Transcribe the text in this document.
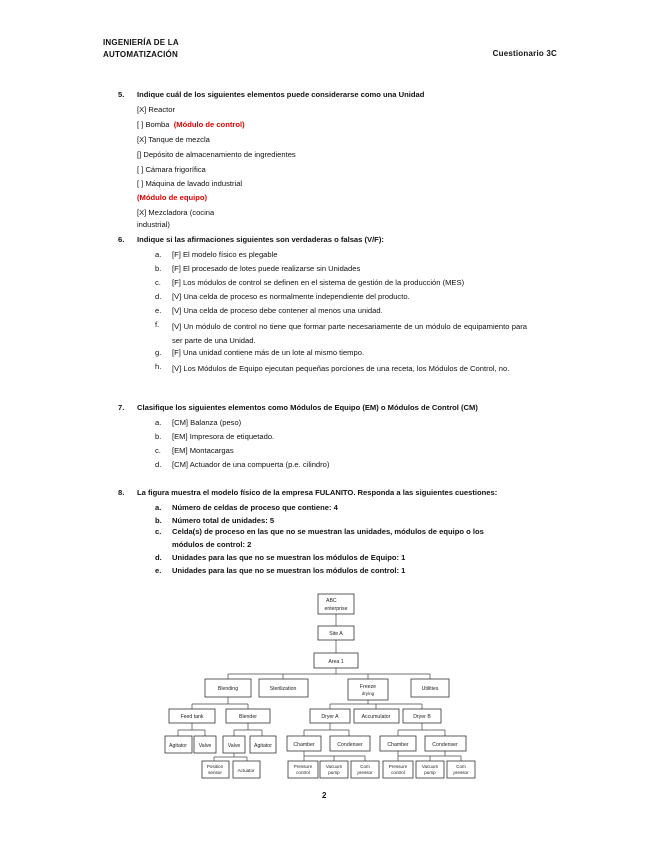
INGENIERÍA DE LA
AUTOMATIZACIÓN	Cuestionario 3C
5. Indique cuál de los siguientes elementos puede considerarse como una Unidad
[X] Reactor
[ ] Bomba (Módulo de control)
[X] Tanque de mezcla
[] Depósito de almacenamiento de ingredientes
[ ] Cámara frigorífica
[ ] Máquina de lavado industrial
(Módulo de equipo)
[X] Mezcladora (cocina
industrial)
6. Indique si las afirmaciones siguientes son verdaderas o falsas (V/F):
a. [F] El modelo físico es plegable
b. [F] El procesado de lotes puede realizarse sin Unidades
c. [F] Los módulos de control se definen en el sistema de gestión de la producción (MES)
d. [V] Una celda de proceso es normalmente independiente del producto.
e. [V] Una celda de proceso debe contener al menos una unidad.
f. [V] Un módulo de control no tiene que formar parte necesariamente de un módulo de equipamiento para ser parte de una Unidad.
g. [F] Una unidad contiene más de un lote al mismo tiempo.
h. [V] Los Módulos de Equipo ejecutan pequeñas porciones de una receta, los Módulos de Control, no.
7. Clasifique los siguientes elementos como Módulos de Equipo (EM) o Módulos de Control (CM)
a. [CM] Balanza (peso)
b. [EM] Impresora de etiquetado.
c. [EM] Montacargas
d. [CM] Actuador de una compuerta (p.e. cilindro)
8. La figura muestra el modelo físico de la empresa FULANITO. Responda a las siguientes cuestiones:
a. Número de celdas de proceso que contiene: 4
b. Número total de unidades: 5
c. Celda(s) de proceso en las que no se muestran las unidades, módulos de equipo o los
módulos de control: 2
d. Unidades para las que no se muestran los módulos de Equipo: 1
e. Unidades para las que no se muestran los módulos de control: 1
ABC
enterprise
Site A
Area 1
Blending	Sterilization	Freeze
drying
Utilities
Feed tank	Blender	Dryer A	Accumulator	Dryer B
Agitator Valve	Valve	Agitator	Chamber	Condenser	Chamber	Condenser
Position
sensor	Actuator
Pressure
control
Vacuum
pump
Com
pressor
Pressure
control
Vacuum
pump
Com
pressor
2
